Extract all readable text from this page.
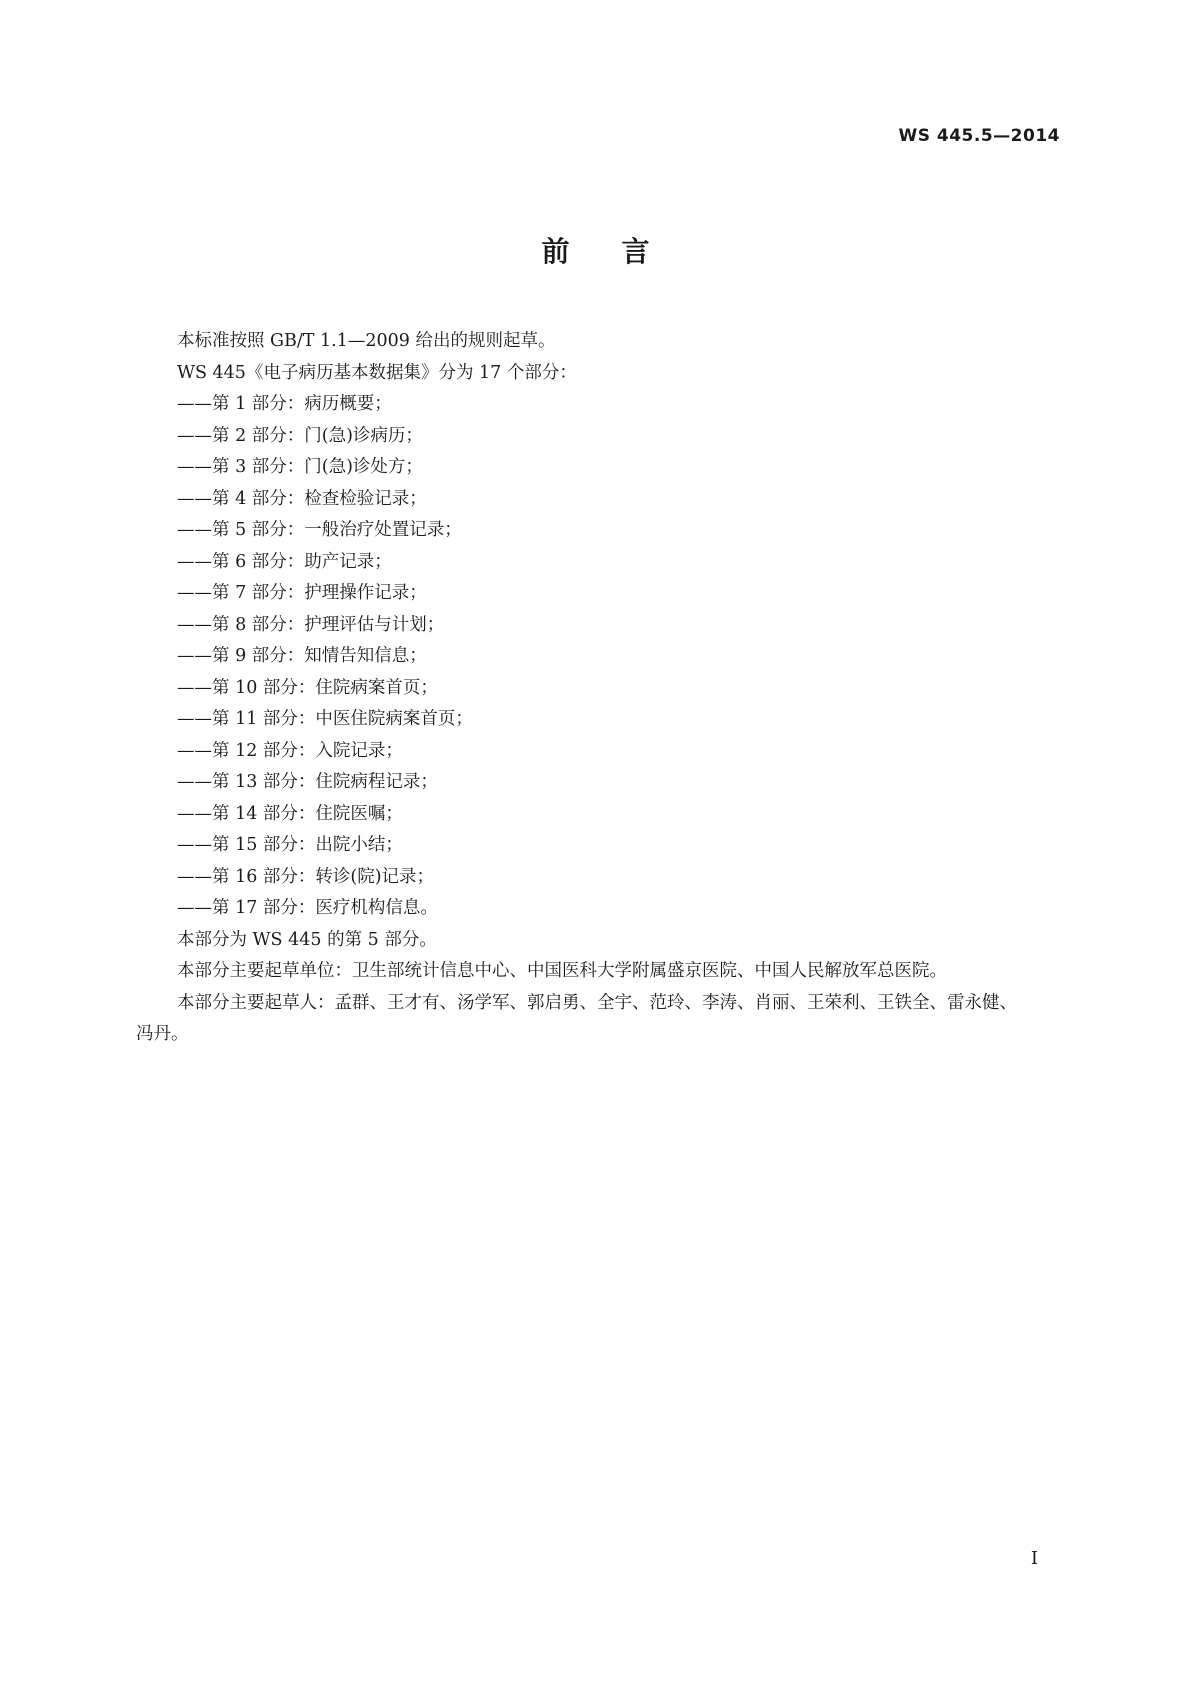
WS 445.5—2014
前言
本标准按照 GB/T 1.1—2009 给出的规则起草。
WS 445《电子病历基本数据集》分为 17 个部分：
——第 1 部分：病历概要；
——第 2 部分：门(急)诊病历；
——第 3 部分：门(急)诊处方；
——第 4 部分：检查检验记录；
——第 5 部分：一般治疗处置记录；
——第 6 部分：助产记录；
——第 7 部分：护理操作记录；
——第 8 部分：护理评估与计划；
——第 9 部分：知情告知信息；
——第 10 部分：住院病案首页；
——第 11 部分：中医住院病案首页；
——第 12 部分：入院记录；
——第 13 部分：住院病程记录；
——第 14 部分：住院医嘱；
——第 15 部分：出院小结；
——第 16 部分：转诊(院)记录；
——第 17 部分：医疗机构信息。
本部分为 WS 445 的第 5 部分。
本部分主要起草单位：卫生部统计信息中心、中国医科大学附属盛京医院、中国人民解放军总医院。
本部分主要起草人：孟群、王才有、汤学军、郭启勇、全宇、范玲、李涛、肖丽、王荣利、王铁全、雷永健、
冯丹。
I
